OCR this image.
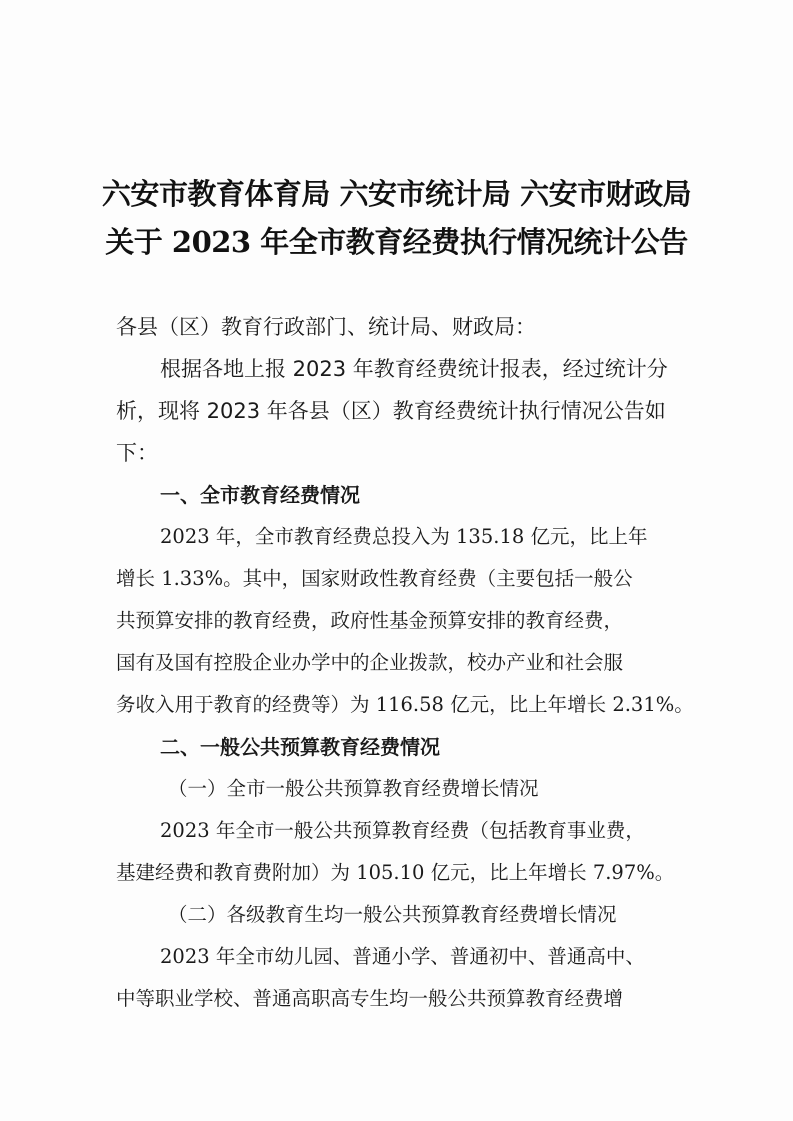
六安市教育体育局 六安市统计局 六安市财政局
关于 2023 年全市教育经费执行情况统计公告
各县（区）教育行政部门、统计局、财政局：
根据各地上报 2023 年教育经费统计报表，经过统计分
析，现将 2023 年各县（区）教育经费统计执行情况公告如
下：
一、全市教育经费情况
2023 年，全市教育经费总投入为 135.18 亿元，比上年
增长 1.33%。其中，国家财政性教育经费（主要包括一般公
共预算安排的教育经费，政府性基金预算安排的教育经费，
国有及国有控股企业办学中的企业拨款，校办产业和社会服
务收入用于教育的经费等）为 116.58 亿元，比上年增长 2.31%。
二、一般公共预算教育经费情况
（一）全市一般公共预算教育经费增长情况
2023 年全市一般公共预算教育经费（包括教育事业费，
基建经费和教育费附加）为 105.10 亿元，比上年增长 7.97%。
（二）各级教育生均一般公共预算教育经费增长情况
2023 年全市幼儿园、普通小学、普通初中、普通高中、
中等职业学校、普通高职高专生均一般公共预算教育经费增
